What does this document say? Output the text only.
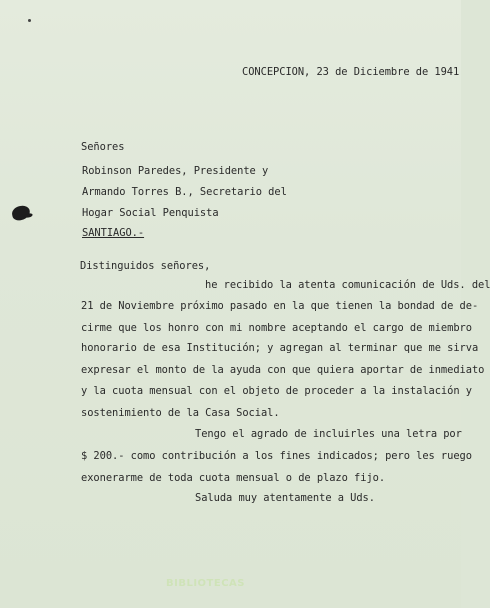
CONCEPCION, 23 de Diciembre de 1941
Señores
Robinson Paredes, Presidente y
Armando Torres B., Secretario del
Hogar Social Penquista
SANTIAGO.-
Distinguidos señores,
he recibido la atenta comunicación de Uds. del
21 de Noviembre próximo pasado en la que tienen la bondad de de-
cirme que los honro con mi nombre aceptando el cargo de miembro
honorario de esa Institución; y agregan al terminar que me sirva
expresar el monto de la ayuda con que quiera aportar de inmediato
y la cuota mensual con el objeto de proceder a la instalación y
sostenimiento de la Casa Social.
Tengo el agrado de incluirles una letra por
$ 200.- como contribución a los fines indicados; pero les ruego
exonerarme de toda cuota mensual o de plazo fijo.
Saluda muy atentamente a Uds.
BIBLIOTECAS
